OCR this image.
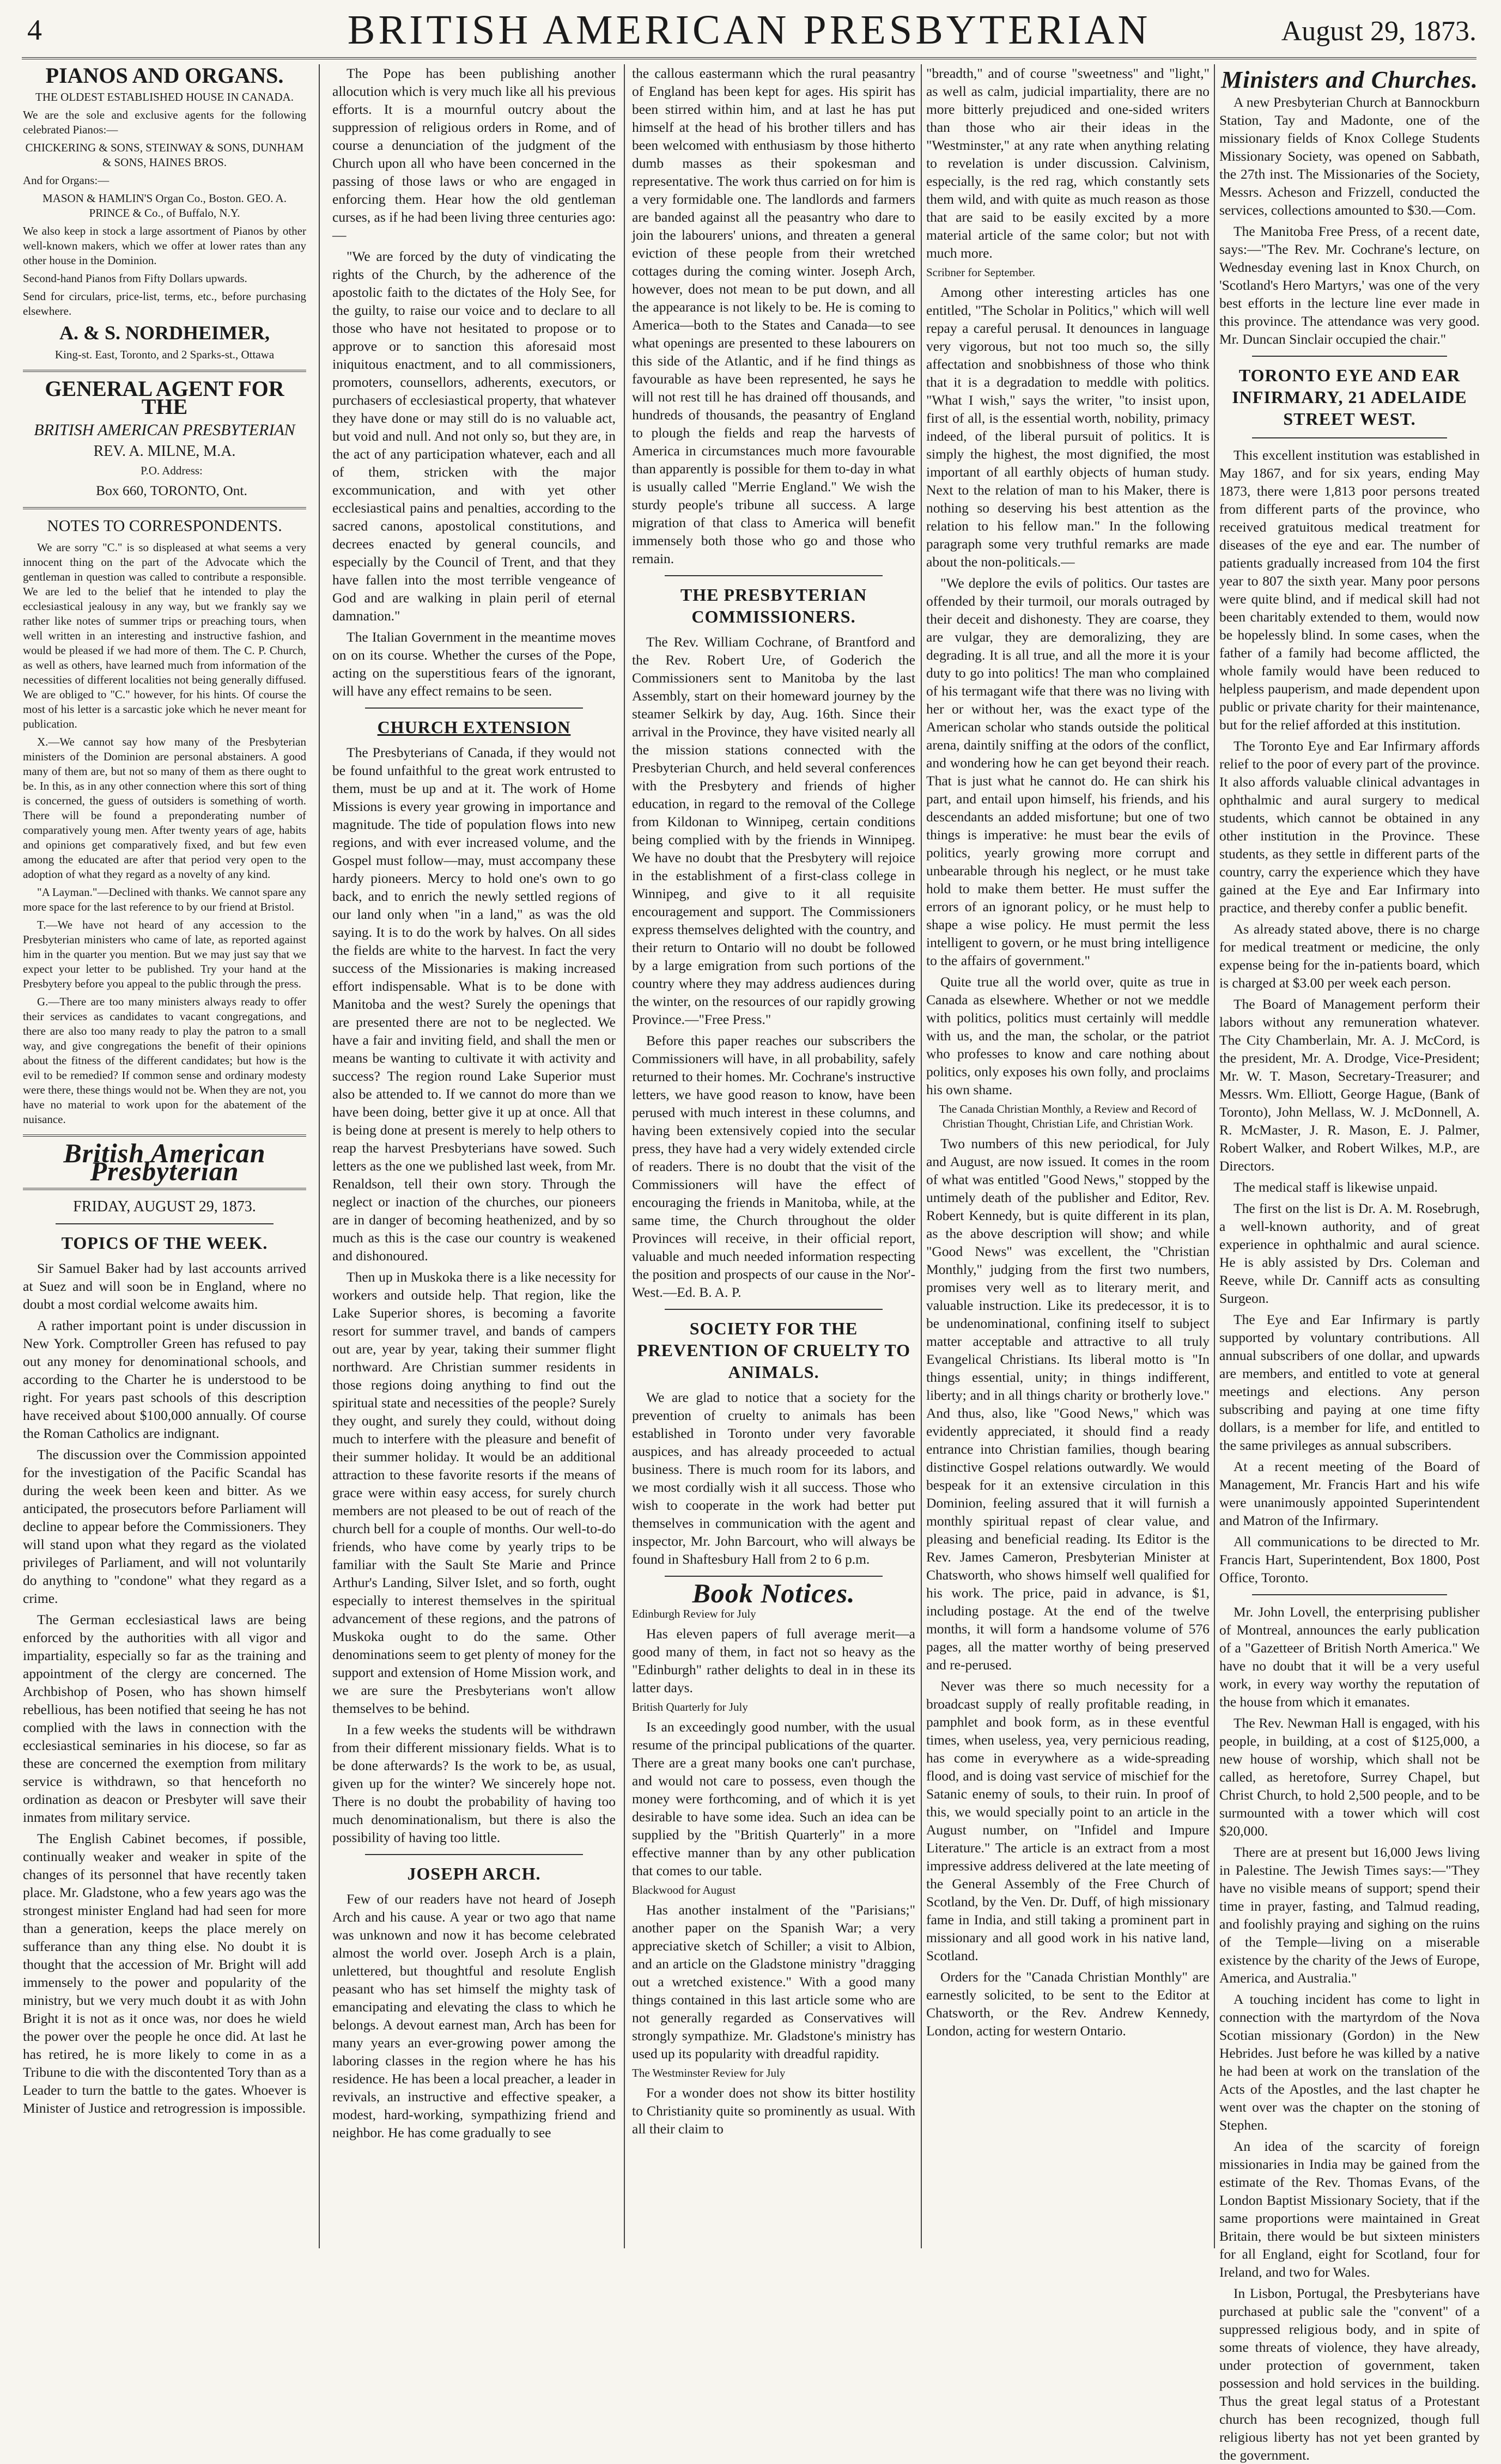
4	BRITISH AMERICAN PRESBYTERIAN	August 29, 1873.
PIANOS AND ORGANS.

THE OLDEST ESTABLISHED HOUSE IN CANADA.

We are the sole and exclusive agents for the following celebrated Pianos:—

CHICKERING & SONS, STEINWAY & SONS, DUNHAM & SONS, HAINES BROS.

And for Organs:—

MASON & HAMLIN'S Organ Co., Boston. GEO. A. PRINCE & Co., of Buffalo, N.Y.

We also keep in stock a large assortment of Pianos by other well-known makers, which we offer at lower rates than any other house in the Dominion.

Second-hand Pianos from Fifty Dollars upwards.

Send for circulars, price-list, terms, etc., before purchasing elsewhere.

A. & S. NORDHEIMER,

King-st. East, Toronto, and 2 Sparks-st., Ottawa

GENERAL AGENT FOR THE
BRITISH AMERICAN PRESBYTERIAN
REV. A. MILNE, M.A.

P.O. Address:

Box 660, TORONTO, Ont.

NOTES TO CORRESPONDENTS.

We are sorry "C." is so displeased at what seems a very innocent thing on the part of the Advocate which the gentleman in question was called to contribute a responsible. We are led to the belief that he intended to play the ecclesiastical jealousy in any way, but we frankly say we rather like notes of summer trips or preaching tours, when well written in an interesting and instructive fashion, and would be pleased if we had more of them. The C. P. Church, as well as others, have learned much from information of the necessities of different localities not being generally diffused. We are obliged to "C." however, for his hints. Of course the most of his letter is a sarcastic joke which he never meant for publication.

X.—We cannot say how many of the Presbyterian ministers of the Dominion are personal abstainers. A good many of them are, but not so many of them as there ought to be. In this, as in any other connection where this sort of thing is concerned, the guess of outsiders is something of worth. There will be found a preponderating number of comparatively young men. After twenty years of age, habits and opinions get comparatively fixed, and but few even among the educated are after that period very open to the adoption of what they regard as a novelty of any kind.

"A Layman."—Declined with thanks. We cannot spare any more space for the last reference to by our friend at Bristol.

T.—We have not heard of any accession to the Presbyterian ministers who came of late, as reported against him in the quarter you mention. But we may just say that we expect your letter to be published. Try your hand at the Presbytery before you appeal to the public through the press.

G.—There are too many ministers always ready to offer their services as candidates to vacant congregations, and there are also too many ready to play the patron to a small way, and give congregations the benefit of their opinions about the fitness of the different candidates; but how is the evil to be remedied? If common sense and ordinary modesty were there, these things would not be. When they are not, you have no material to work upon for the abatement of the nuisance.

British American Presbyterian
FRIDAY, AUGUST 29, 1873.
TOPICS OF THE WEEK.

Sir Samuel Baker had by last accounts arrived at Suez and will soon be in England, where no doubt a most cordial welcome awaits him.

A rather important point is under discussion in New York. Comptroller Green has refused to pay out any money for denominational schools, and according to the Charter he is understood to be right. For years past schools of this description have received about $100,000 annually. Of course the Roman Catholics are indignant.

The discussion over the Commission appointed for the investigation of the Pacific Scandal has during the week been keen and bitter. As we anticipated, the prosecutors before Parliament will decline to appear before the Commissioners. They will stand upon what they regard as the violated privileges of Parliament, and will not voluntarily do anything to "condone" what they regard as a crime.

The German ecclesiastical laws are being enforced by the authorities with all vigor and impartiality, especially so far as the training and appointment of the clergy are concerned. The Archbishop of Posen, who has shown himself rebellious, has been notified that seeing he has not complied with the laws in connection with the ecclesiastical seminaries in his diocese, so far as these are concerned the exemption from military service is withdrawn, so that henceforth no ordination as deacon or Presbyter will save their inmates from military service.

The English Cabinet becomes, if possible, continually weaker and weaker in spite of the changes of its personnel that have recently taken place. Mr. Gladstone, who a few years ago was the strongest minister England had had seen for more than a generation, keeps the place merely on sufferance than any thing else. No doubt it is thought that the accession of Mr. Bright will add immensely to the power and popularity of the ministry, but we very much doubt it as with John Bright it is not as it once was, nor does he wield the power over the people he once did. At last he has retired, he is more likely to come in as a Tribune to die with the discontented Tory than as a Leader to turn the battle to the gates. Whoever is Minister of Justice and retrogression is impossible.

The Pope has been publishing another allocution which is very much like all his previous efforts. It is a mournful outcry about the suppression of religious orders in Rome, and of course a denunciation of the judgment of the Church upon all who have been concerned in the passing of those laws or who are engaged in enforcing them. Hear how the old gentleman curses, as if he had been living three centuries ago:—

"We are forced by the duty of vindicating the rights of the Church, by the adherence of the apostolic faith to the dictates of the Holy See, for the guilty, to raise our voice and to declare to all those who have not hesitated to propose or to approve or to sanction this aforesaid most iniquitous enactment, and to all commissioners, promoters, counsellors, adherents, executors, or purchasers of ecclesiastical property, that whatever they have done or may still do is no valuable act, but void and null. And not only so, but they are, in the act of any participation whatever, each and all of them, stricken with the major excommunication, and with yet other ecclesiastical pains and penalties, according to the sacred canons, apostolical constitutions, and decrees enacted by general councils, and especially by the Council of Trent, and that they have fallen into the most terrible vengeance of God and are walking in plain peril of eternal damnation."

The Italian Government in the meantime moves on on its course. Whether the curses of the Pope, acting on the superstitious fears of the ignorant, will have any effect remains to be seen.

CHURCH EXTENSION

The Presbyterians of Canada, if they would not be found unfaithful to the great work entrusted to them, must be up and at it. The work of Home Missions is every year growing in importance and magnitude. The tide of population flows into new regions, and with ever increased volume, and the Gospel must follow—may, must accompany these hardy pioneers. Mercy to hold one's own to go back, and to enrich the newly settled regions of our land only when "in a land," as was the old saying. It is to do the work by halves. On all sides the fields are white to the harvest. In fact the very success of the Missionaries is making increased effort indispensable. What is to be done with Manitoba and the west? Surely the openings that are presented there are not to be neglected. We have a fair and inviting field, and shall the men or means be wanting to cultivate it with activity and success? The region round Lake Superior must also be attended to. If we cannot do more than we have been doing, better give it up at once. All that is being done at present is merely to help others to reap the harvest Presbyterians have sowed. Such letters as the one we published last week, from Mr. Renaldson, tell their own story. Through the neglect or inaction of the churches, our pioneers are in danger of becoming heathenized, and by so much as this is the case our country is weakened and dishonoured.

Then up in Muskoka there is a like necessity for workers and outside help. That region, like the Lake Superior shores, is becoming a favorite resort for summer travel, and bands of campers out are, year by year, taking their summer flight northward. Are Christian summer residents in those regions doing anything to find out the spiritual state and necessities of the people? Surely they ought, and surely they could, without doing much to interfere with the pleasure and benefit of their summer holiday. It would be an additional attraction to these favorite resorts if the means of grace were within easy access, for surely church members are not pleased to be out of reach of the church bell for a couple of months. Our well-to-do friends, who have come by yearly trips to be familiar with the Sault Ste Marie and Prince Arthur's Landing, Silver Islet, and so forth, ought especially to interest themselves in the spiritual advancement of these regions, and the patrons of Muskoka ought to do the same. Other denominations seem to get plenty of money for the support and extension of Home Mission work, and we are sure the Presbyterians won't allow themselves to be behind.

In a few weeks the students will be withdrawn from their different missionary fields. What is to be done afterwards? Is the work to be, as usual, given up for the winter? We sincerely hope not. There is no doubt the probability of having too much denominationalism, but there is also the possibility of having too little.

JOSEPH ARCH.

Few of our readers have not heard of Joseph Arch and his cause. A year or two ago that name was unknown and now it has become celebrated almost the world over. Joseph Arch is a plain, unlettered, but thoughtful and resolute English peasant who has set himself the mighty task of emancipating and elevating the class to which he belongs. A devout earnest man, Arch has been for many years an ever-growing power among the laboring classes in the region where he has his residence. He has been a local preacher, a leader in revivals, an instructive and effective speaker, a modest, hard-working, sympathizing friend and neighbor. He has come gradually to see

the callous eastermann which the rural peasantry of England has been kept for ages. His spirit has been stirred within him, and at last he has put himself at the head of his brother tillers and has been welcomed with enthusiasm by those hitherto dumb masses as their spokesman and representative. The work thus carried on for him is a very formidable one. The landlords and farmers are banded against all the peasantry who dare to join the labourers' unions, and threaten a general eviction of these people from their wretched cottages during the coming winter. Joseph Arch, however, does not mean to be put down, and all the appearance is not likely to be. He is coming to America—both to the States and Canada—to see what openings are presented to these labourers on this side of the Atlantic, and if he find things as favourable as have been represented, he says he will not rest till he has drained off thousands, and hundreds of thousands, the peasantry of England to plough the fields and reap the harvests of America in circumstances much more favourable than apparently is possible for them to-day in what is usually called "Merrie England." We wish the sturdy people's tribune all success. A large migration of that class to America will benefit immensely both those who go and those who remain.

THE PRESBYTERIAN COMMISSIONERS.

The Rev. William Cochrane, of Brantford and the Rev. Robert Ure, of Goderich the Commissioners sent to Manitoba by the last Assembly, start on their homeward journey by the steamer Selkirk by day, Aug. 16th. Since their arrival in the Province, they have visited nearly all the mission stations connected with the Presbyterian Church, and held several conferences with the Presbytery and friends of higher education, in regard to the removal of the College from Kildonan to Winnipeg, certain conditions being complied with by the friends in Winnipeg. We have no doubt that the Presbytery will rejoice in the establishment of a first-class college in Winnipeg, and give to it all requisite encouragement and support. The Commissioners express themselves delighted with the country, and their return to Ontario will no doubt be followed by a large emigration from such portions of the country where they may address audiences during the winter, on the resources of our rapidly growing Province.—"Free Press."

Before this paper reaches our subscribers the Commissioners will have, in all probability, safely returned to their homes. Mr. Cochrane's instructive letters, we have good reason to know, have been perused with much interest in these columns, and having been extensively copied into the secular press, they have had a very widely extended circle of readers. There is no doubt that the visit of the Commissioners will have the effect of encouraging the friends in Manitoba, while, at the same time, the Church throughout the older Provinces will receive, in their official report, valuable and much needed information respecting the position and prospects of our cause in the Nor'-West.—Ed. B. A. P.

SOCIETY FOR THE PREVENTION OF CRUELTY TO ANIMALS.

We are glad to notice that a society for the prevention of cruelty to animals has been established in Toronto under very favorable auspices, and has already proceeded to actual business. There is much room for its labors, and we most cordially wish it all success. Those who wish to cooperate in the work had better put themselves in communication with the agent and inspector, Mr. John Barcourt, who will always be found in Shaftesbury Hall from 2 to 6 p.m.

Book Notices.

Edinburgh Review for July

Has eleven papers of full average merit—a good many of them, in fact not so heavy as the "Edinburgh" rather delights to deal in in these its latter days.

British Quarterly for July

Is an exceedingly good number, with the usual resume of the principal publications of the quarter. There are a great many books one can't purchase, and would not care to possess, even though the money were forthcoming, and of which it is yet desirable to have some idea. Such an idea can be supplied by the "British Quarterly" in a more effective manner than by any other publication that comes to our table.

Blackwood for August

Has another instalment of the "Parisians;" another paper on the Spanish War; a very appreciative sketch of Schiller; a visit to Albion, and an article on the Gladstone ministry "dragging out a wretched existence." With a good many things contained in this last article some who are not generally regarded as Conservatives will strongly sympathize. Mr. Gladstone's ministry has used up its popularity with dreadful rapidity.

The Westminster Review for July

For a wonder does not show its bitter hostility to Christianity quite so prominently as usual. With all their claim to

"breadth," and of course "sweetness" and "light," as well as calm, judicial impartiality, there are no more bitterly prejudiced and one-sided writers than those who air their ideas in the "Westminster," at any rate when anything relating to revelation is under discussion. Calvinism, especially, is the red rag, which constantly sets them wild, and with quite as much reason as those that are said to be easily excited by a more material article of the same color; but not with much more.

Scribner for September.

Among other interesting articles has one entitled, "The Scholar in Politics," which will well repay a careful perusal. It denounces in language very vigorous, but not too much so, the silly affectation and snobbishness of those who think that it is a degradation to meddle with politics. "What I wish," says the writer, "to insist upon, first of all, is the essential worth, nobility, primacy indeed, of the liberal pursuit of politics. It is simply the highest, the most dignified, the most important of all earthly objects of human study. Next to the relation of man to his Maker, there is nothing so deserving his best attention as the relation to his fellow man." In the following paragraph some very truthful remarks are made about the non-politicals.—

"We deplore the evils of politics. Our tastes are offended by their turmoil, our morals outraged by their deceit and dishonesty. They are coarse, they are vulgar, they are demoralizing, they are degrading. It is all true, and all the more it is your duty to go into politics! The man who complained of his termagant wife that there was no living with her or without her, was the exact type of the American scholar who stands outside the political arena, daintily sniffing at the odors of the conflict, and wondering how he can get beyond their reach. That is just what he cannot do. He can shirk his part, and entail upon himself, his friends, and his descendants an added misfortune; but one of two things is imperative: he must bear the evils of politics, yearly growing more corrupt and unbearable through his neglect, or he must take hold to make them better. He must suffer the errors of an ignorant policy, or he must help to shape a wise policy. He must permit the less intelligent to govern, or he must bring intelligence to the affairs of government."

Quite true all the world over, quite as true in Canada as elsewhere. Whether or not we meddle with politics, politics must certainly will meddle with us, and the man, the scholar, or the patriot who professes to know and care nothing about politics, only exposes his own folly, and proclaims his own shame.

The Canada Christian Monthly, a Review and Record of Christian Thought, Christian Life, and Christian Work.

Two numbers of this new periodical, for July and August, are now issued. It comes in the room of what was entitled "Good News," stopped by the untimely death of the publisher and Editor, Rev. Robert Kennedy, but is quite different in its plan, as the above description will show; and while "Good News" was excellent, the "Christian Monthly," judging from the first two numbers, promises very well as to literary merit, and valuable instruction. Like its predecessor, it is to be undenominational, confining itself to subject matter acceptable and attractive to all truly Evangelical Christians. Its liberal motto is "In things essential, unity; in things indifferent, liberty; and in all things charity or brotherly love." And thus, also, like "Good News," which was evidently appreciated, it should find a ready entrance into Christian families, though bearing distinctive Gospel relations outwardly. We would bespeak for it an extensive circulation in this Dominion, feeling assured that it will furnish a monthly spiritual repast of clear value, and pleasing and beneficial reading. Its Editor is the Rev. James Cameron, Presbyterian Minister at Chatsworth, who shows himself well qualified for his work. The price, paid in advance, is $1, including postage. At the end of the twelve months, it will form a handsome volume of 576 pages, all the matter worthy of being preserved and re-perused.

Never was there so much necessity for a broadcast supply of really profitable reading, in pamphlet and book form, as in these eventful times, when useless, yea, very pernicious reading, has come in everywhere as a wide-spreading flood, and is doing vast service of mischief for the Satanic enemy of souls, to their ruin. In proof of this, we would specially point to an article in the August number, on "Infidel and Impure Literature." The article is an extract from a most impressive address delivered at the late meeting of the General Assembly of the Free Church of Scotland, by the Ven. Dr. Duff, of high missionary fame in India, and still taking a prominent part in missionary and all good work in his native land, Scotland.

Orders for the "Canada Christian Monthly" are earnestly solicited, to be sent to the Editor at Chatsworth, or the Rev. Andrew Kennedy, London, acting for western Ontario.

Ministers and Churches.

A new Presbyterian Church at Bannockburn Station, Tay and Madonte, one of the missionary fields of Knox College Students Missionary Society, was opened on Sabbath, the 27th inst. The Missionaries of the Society, Messrs. Acheson and Frizzell, conducted the services, collections amounted to $30.—Com.

The Manitoba Free Press, of a recent date, says:—"The Rev. Mr. Cochrane's lecture, on Wednesday evening last in Knox Church, on 'Scotland's Hero Martyrs,' was one of the very best efforts in the lecture line ever made in this province. The attendance was very good. Mr. Duncan Sinclair occupied the chair."

TORONTO EYE AND EAR INFIRMARY, 21 ADELAIDE STREET WEST.

This excellent institution was established in May 1867, and for six years, ending May 1873, there were 1,813 poor persons treated from different parts of the province, who received gratuitous medical treatment for diseases of the eye and ear. The number of patients gradually increased from 104 the first year to 807 the sixth year. Many poor persons were quite blind, and if medical skill had not been charitably extended to them, would now be hopelessly blind. In some cases, when the father of a family had become afflicted, the whole family would have been reduced to helpless pauperism, and made dependent upon public or private charity for their maintenance, but for the relief afforded at this institution.

The Toronto Eye and Ear Infirmary affords relief to the poor of every part of the province. It also affords valuable clinical advantages in ophthalmic and aural surgery to medical students, which cannot be obtained in any other institution in the Province. These students, as they settle in different parts of the country, carry the experience which they have gained at the Eye and Ear Infirmary into practice, and thereby confer a public benefit.

As already stated above, there is no charge for medical treatment or medicine, the only expense being for the in-patients board, which is charged at $3.00 per week each person.

The Board of Management perform their labors without any remuneration whatever. The City Chamberlain, Mr. A. J. McCord, is the president, Mr. A. Drodge, Vice-President; Mr. W. T. Mason, Secretary-Treasurer; and Messrs. Wm. Elliott, George Hague, (Bank of Toronto), John Mellass, W. J. McDonnell, A. R. McMaster, J. R. Mason, E. J. Palmer, Robert Walker, and Robert Wilkes, M.P., are Directors.

The medical staff is likewise unpaid.

The first on the list is Dr. A. M. Rosebrugh, a well-known authority, and of great experience in ophthalmic and aural science. He is ably assisted by Drs. Coleman and Reeve, while Dr. Canniff acts as consulting Surgeon.

The Eye and Ear Infirmary is partly supported by voluntary contributions. All annual subscribers of one dollar, and upwards are members, and entitled to vote at general meetings and elections. Any person subscribing and paying at one time fifty dollars, is a member for life, and entitled to the same privileges as annual subscribers.

At a recent meeting of the Board of Management, Mr. Francis Hart and his wife were unanimously appointed Superintendent and Matron of the Infirmary.

All communications to be directed to Mr. Francis Hart, Superintendent, Box 1800, Post Office, Toronto.

Mr. John Lovell, the enterprising publisher of Montreal, announces the early publication of a "Gazetteer of British North America." We have no doubt that it will be a very useful work, in every way worthy the reputation of the house from which it emanates.

The Rev. Newman Hall is engaged, with his people, in building, at a cost of $125,000, a new house of worship, which shall not be called, as heretofore, Surrey Chapel, but Christ Church, to hold 2,500 people, and to be surmounted with a tower which will cost $20,000.

There are at present but 16,000 Jews living in Palestine. The Jewish Times says:—"They have no visible means of support; spend their time in prayer, fasting, and Talmud reading, and foolishly praying and sighing on the ruins of the Temple—living on a miserable existence by the charity of the Jews of Europe, America, and Australia."

A touching incident has come to light in connection with the martyrdom of the Nova Scotian missionary (Gordon) in the New Hebrides. Just before he was killed by a native he had been at work on the translation of the Acts of the Apostles, and the last chapter he went over was the chapter on the stoning of Stephen.

An idea of the scarcity of foreign missionaries in India may be gained from the estimate of the Rev. Thomas Evans, of the London Baptist Missionary Society, that if the same proportions were maintained in Great Britain, there would be but sixteen ministers for all England, eight for Scotland, four for Ireland, and two for Wales.

In Lisbon, Portugal, the Presbyterians have purchased at public sale the "convent" of a suppressed religious body, and in spite of some threats of violence, they have already, under protection of government, taken possession and hold services in the building. Thus the great legal status of a Protestant church has been recognized, though full religious liberty has not yet been granted by the government.
